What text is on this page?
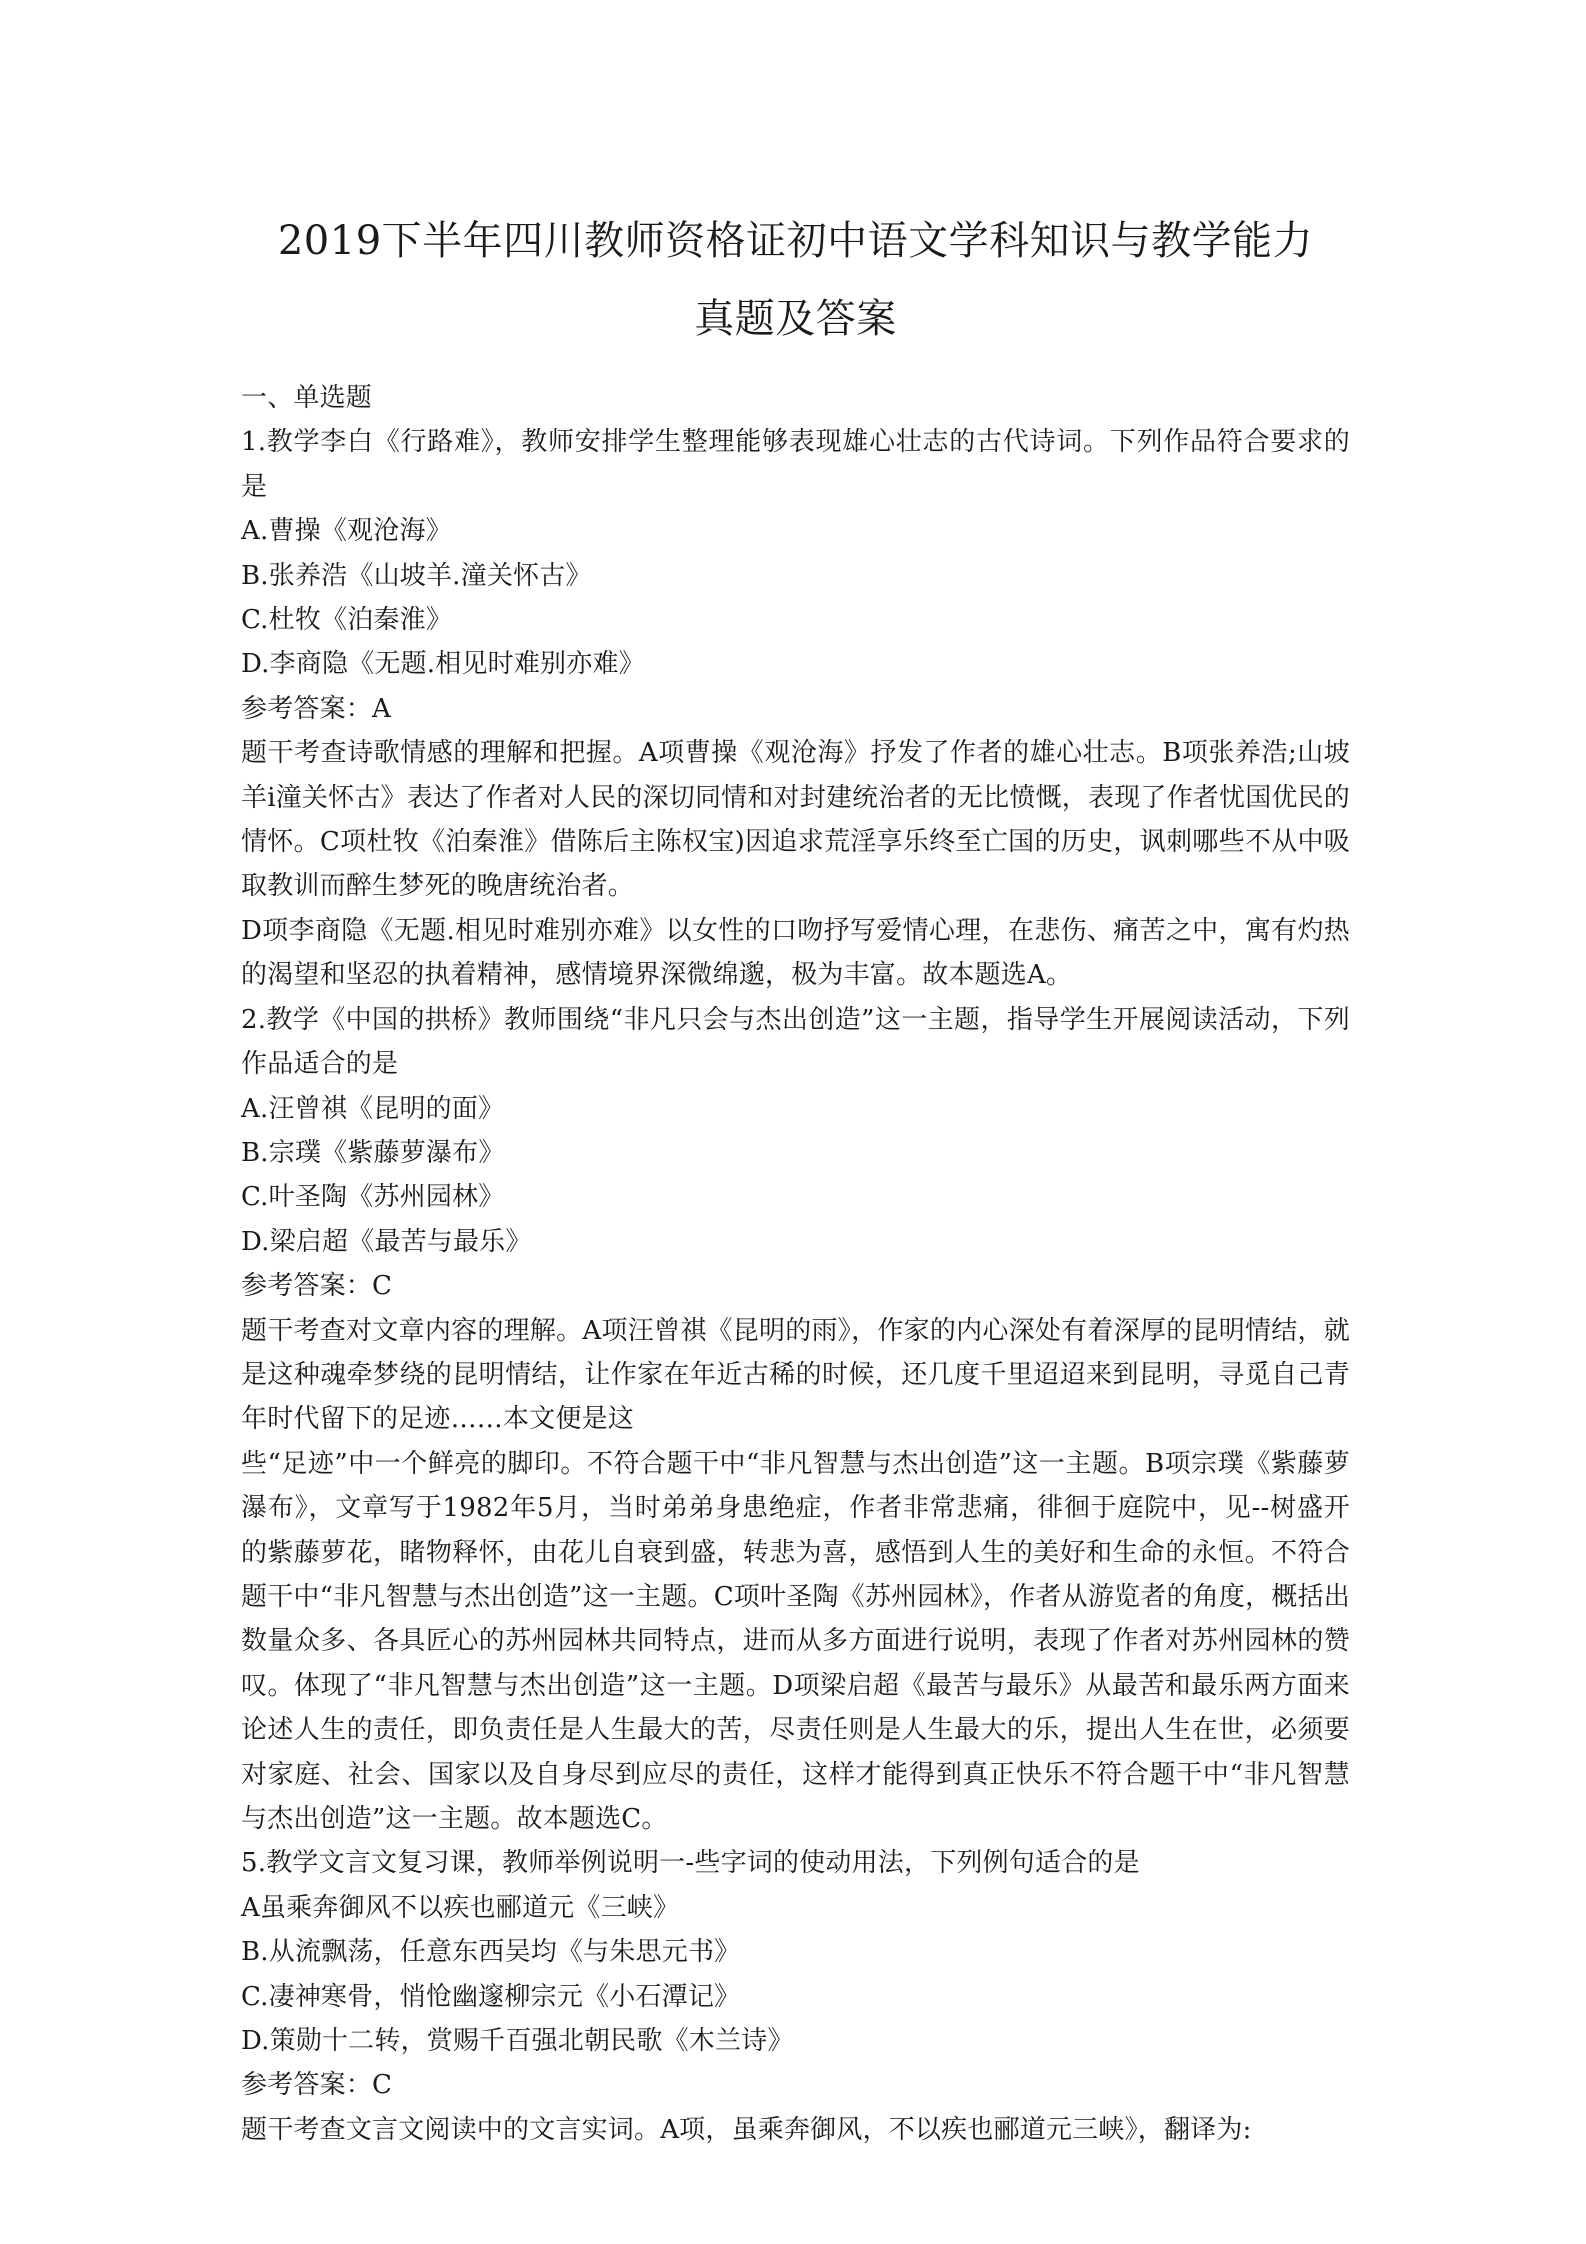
2019下半年四川教师资格证初中语文学科知识与教学能力
真题及答案

一、单选题

1.教学李白《行路难》，教师安排学生整理能够表现雄心壮志的古代诗词。下列作品符合要求的是

A.曹操《观沧海》

B.张养浩《山坡羊.潼关怀古》

C.杜牧《泊秦淮》

D.李商隐《无题.相见时难别亦难》

参考答案：A

题干考查诗歌情感的理解和把握。A项曹操《观沧海》抒发了作者的雄心壮志。B项张养浩;山坡羊i潼关怀古》表达了作者对人民的深切同情和对封建统治者的无比愤慨，表现了作者忧国优民的情怀。C项杜牧《泊秦淮》借陈后主陈权宝)因追求荒淫享乐终至亡国的历史，讽刺哪些不从中吸取教训而醉生梦死的晚唐统治者。

D项李商隐《无题.相见时难别亦难》以女性的口吻抒写爱情心理，在悲伤、痛苦之中，寓有灼热的渴望和坚忍的执着精神，感情境界深微绵邈，极为丰富。故本题选A。

2.教学《中国的拱桥》教师围绕“非凡只会与杰出创造”这一主题，指导学生开展阅读活动，下列作品适合的是

A.汪曾祺《昆明的面》

B.宗璞《紫藤萝瀑布》

C.叶圣陶《苏州园林》

D.梁启超《最苦与最乐》

参考答案：C

题干考查对文章内容的理解。A项汪曾祺《昆明的雨》，作家的内心深处有着深厚的昆明情结，就是这种魂牵梦绕的昆明情结，让作家在年近古稀的时候，还几度千里迢迢来到昆明，寻觅自己青年时代留下的足迹……本文便是这

些“足迹”中一个鲜亮的脚印。不符合题干中“非凡智慧与杰出创造”这一主题。B项宗璞《紫藤萝瀑布》，文章写于1982年5月，当时弟弟身患绝症，作者非常悲痛，徘徊于庭院中，见--树盛开的紫藤萝花，睹物释怀，由花儿自衰到盛，转悲为喜，感悟到人生的美好和生命的永恒。不符合题干中“非凡智慧与杰出创造”这一主题。C项叶圣陶《苏州园林》，作者从游览者的角度，概括出数量众多、各具匠心的苏州园林共同特点，进而从多方面进行说明，表现了作者对苏州园林的赞叹。体现了“非凡智慧与杰出创造”这一主题。D项梁启超《最苦与最乐》从最苦和最乐两方面来论述人生的责任，即负责任是人生最大的苦，尽责任则是人生最大的乐，提出人生在世，必须要对家庭、社会、国家以及自身尽到应尽的责任，这样才能得到真正快乐不符合题干中“非凡智慧与杰出创造”这一主题。故本题选C。

5.教学文言文复习课，教师举例说明一-些字词的使动用法，下列例句适合的是

A虽乘奔御风不以疾也郦道元《三峡》

B.从流飘荡，任意东西吴均《与朱思元书》

C.凄神寒骨，悄怆幽邃柳宗元《小石潭记》

D.策勋十二转，赏赐千百强北朝民歌《木兰诗》

参考答案：C

题干考查文言文阅读中的文言实词。A项，虽乘奔御风，不以疾也郦道元三峡》，翻译为:
